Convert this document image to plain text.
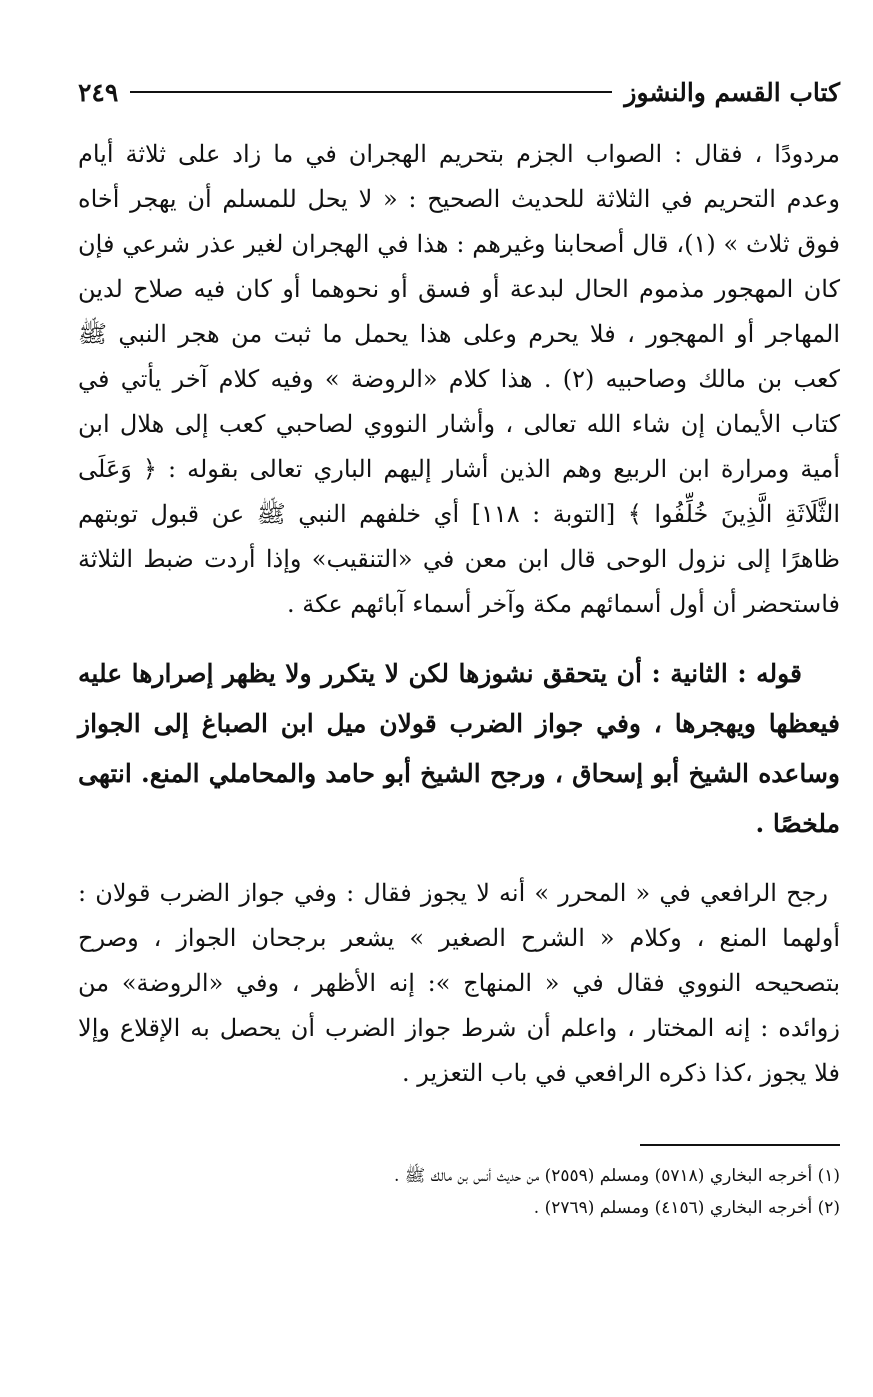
كتاب القسم والنشوز
٢٤٩

مردودًا ، فقال : الصواب الجزم بتحريم الهجران في ما زاد على ثلاثة أيام وعدم التحريم في الثلاثة للحديث الصحيح : « لا يحل للمسلم أن يهجر أخاه فوق ثلاث » (١)، قال أصحابنا وغيرهم : هذا في الهجران لغير عذر شرعي فإن كان المهجور مذموم الحال لبدعة أو فسق أو نحوهما أو كان فيه صلاح لدين المهاجر أو المهجور ، فلا يحرم وعلى هذا يحمل ما ثبت من هجر النبي ﷺ كعب بن مالك وصاحبيه (٢) . هذا كلام «الروضة » وفيه كلام آخر يأتي في كتاب الأيمان إن شاء الله تعالى ، وأشار النووي لصاحبي كعب إلى هلال ابن أمية ومرارة ابن الربيع وهم الذين أشار إليهم الباري تعالى بقوله : ﴿ وَعَلَى الثَّلَاثَةِ الَّذِينَ خُلِّفُوا ﴾ [التوبة : ١١٨] أي خلفهم النبي ﷺ عن قبول توبتهم ظاهرًا إلى نزول الوحى قال ابن معن في «التنقيب» وإذا أردت ضبط الثلاثة فاستحضر أن أول أسمائهم مكة وآخر أسماء آبائهم عكة .

قوله : الثانية : أن يتحقق نشوزها لكن لا يتكرر ولا يظهر إصرارها عليه فيعظها ويهجرها ، وفي جواز الضرب قولان ميل ابن الصباغ إلى الجواز وساعده الشيخ أبو إسحاق ، ورجح الشيخ أبو حامد والمحاملي المنع. انتهى ملخصًا .

رجح الرافعي في « المحرر » أنه لا يجوز فقال : وفي جواز الضرب قولان : أولهما المنع ، وكلام « الشرح الصغير » يشعر برجحان الجواز ، وصرح بتصحيحه النووي فقال في « المنهاج »: إنه الأظهر ، وفي «الروضة» من زوائده : إنه المختار ، واعلم أن شرط جواز الضرب أن يحصل به الإقلاع وإلا فلا يجوز ،كذا ذكره الرافعي في باب التعزير .

(١) أخرجه البخاري (٥٧١٨) ومسلم (٢٥٥٩) من حديث أنس بن مالك ﷺ .

(٢) أخرجه البخاري (٤١٥٦) ومسلم (٢٧٦٩) .
